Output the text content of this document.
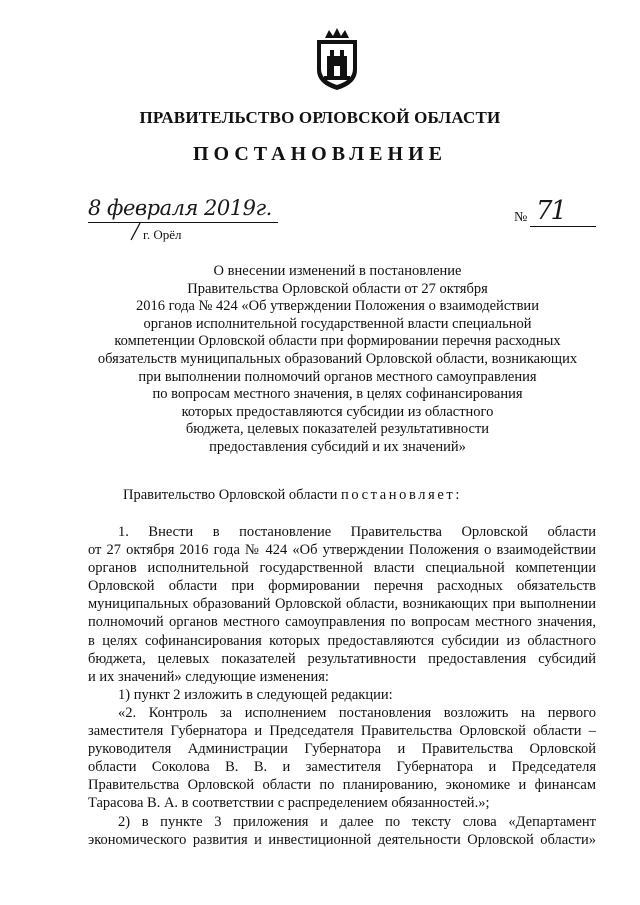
ПРАВИТЕЛЬСТВО ОРЛОВСКОЙ ОБЛАСТИ
ПОСТАНОВЛЕНИЕ
8 февраля 2019г.
г. Орёл
№ 71
О внесении изменений в постановление
Правительства Орловской области от 27 октября
2016 года № 424 «Об утверждении Положения о взаимодействии
органов исполнительной государственной власти специальной
компетенции Орловской области при формировании перечня расходных
обязательств муниципальных образований Орловской области, возникающих
при выполнении полномочий органов местного самоуправления
по вопросам местного значения, в целях софинансирования
которых предоставляются субсидии из областного
бюджета, целевых показателей результативности
предоставления субсидий и их значений»
Правительство Орловской области постановляет:
1. Внести в постановление Правительства Орловской области
от 27 октября 2016 года № 424 «Об утверждении Положения о взаимодействии
органов исполнительной государственной власти специальной компетенции
Орловской области при формировании перечня расходных обязательств
муниципальных образований Орловской области, возникающих при выполнении
полномочий органов местного самоуправления по вопросам местного значения,
в целях софинансирования которых предоставляются субсидии из областного
бюджета, целевых показателей результативности предоставления субсидий
и их значений» следующие изменения:
1) пункт 2 изложить в следующей редакции:
«2. Контроль за исполнением постановления возложить на первого
заместителя Губернатора и Председателя Правительства Орловской области –
руководителя Администрации Губернатора и Правительства Орловской
области Соколова В. В. и заместителя Губернатора и Председателя
Правительства Орловской области по планированию, экономике и финансам
Тарасова В. А. в соответствии с распределением обязанностей.»;
2) в пункте 3 приложения и далее по тексту слова «Департамент
экономического развития и инвестиционной деятельности Орловской области»
